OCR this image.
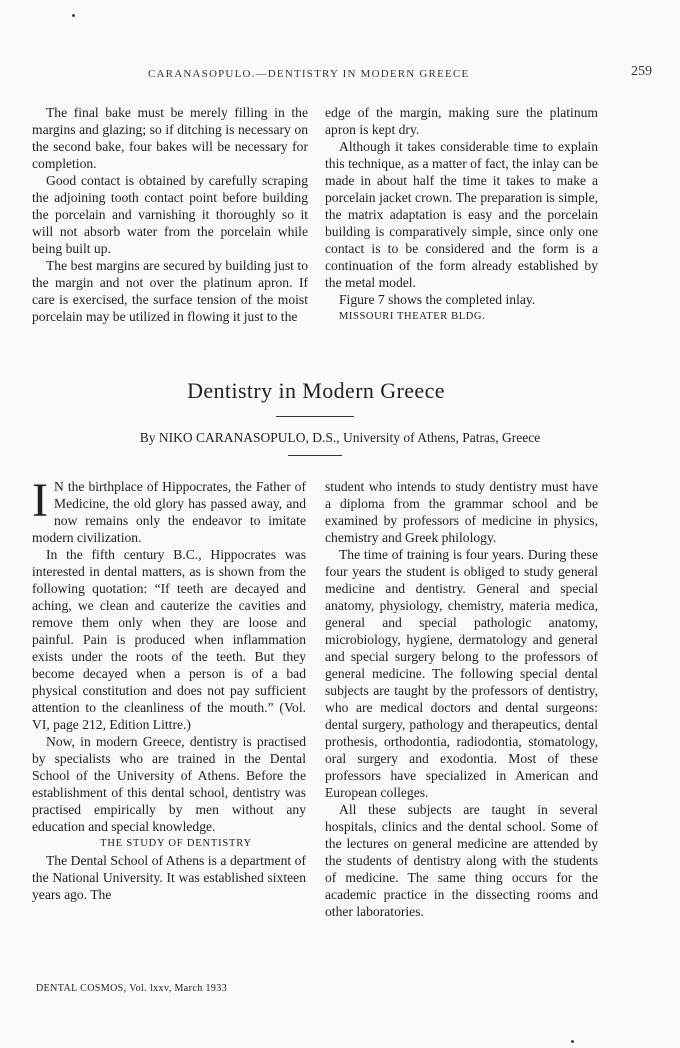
CARANASOPULO.—DENTISTRY IN MODERN GREECE	259

The final bake must be merely filling in the margins and glazing; so if ditching is necessary on the second bake, four bakes will be necessary for completion.

Good contact is obtained by carefully scraping the adjoining tooth contact point before building the porcelain and varnishing it thoroughly so it will not absorb water from the porcelain while being built up.

The best margins are secured by building just to the margin and not over the platinum apron. If care is exercised, the surface tension of the moist porcelain may be utilized in flowing it just to the

edge of the margin, making sure the platinum apron is kept dry.

Although it takes considerable time to explain this technique, as a matter of fact, the inlay can be made in about half the time it takes to make a porcelain jacket crown. The preparation is simple, the matrix adaptation is easy and the porcelain building is comparatively simple, since only one contact is to be considered and the form is a continuation of the form already established by the metal model.

Figure 7 shows the completed inlay.

MISSOURI THEATER BLDG.

Dentistry in Modern Greece
By NIKO CARANASOPULO, D.S., University of Athens, Patras, Greece

I N the birthplace of Hippocrates, the Father of Medicine, the old glory has passed away, and now remains only the endeavor to imitate modern civilization.

In the fifth century B.C., Hippocrates was interested in dental matters, as is shown from the following quotation: “If teeth are decayed and aching, we clean and cauterize the cavities and remove them only when they are loose and painful. Pain is produced when inflammation exists under the roots of the teeth. But they become decayed when a person is of a bad physical constitution and does not pay sufficient attention to the cleanliness of the mouth.” (Vol. VI, page 212, Edition Littre.)

Now, in modern Greece, dentistry is practised by specialists who are trained in the Dental School of the University of Athens. Before the establishment of this dental school, dentistry was practised empirically by men without any education and special knowledge.

THE STUDY OF DENTISTRY

The Dental School of Athens is a department of the National University. It was established sixteen years ago. The

student who intends to study dentistry must have a diploma from the grammar school and be examined by professors of medicine in physics, chemistry and Greek philology.

The time of training is four years. During these four years the student is obliged to study general medicine and dentistry. General and special anatomy, physiology, chemistry, materia medica, general and special pathologic anatomy, microbiology, hygiene, dermatology and general and special surgery belong to the professors of general medicine. The following special dental subjects are taught by the professors of dentistry, who are medical doctors and dental surgeons: dental surgery, pathology and therapeutics, dental prothesis, orthodontia, radiodontia, stomatology, oral surgery and exodontia. Most of these professors have specialized in American and European colleges.

All these subjects are taught in several hospitals, clinics and the dental school. Some of the lectures on general medicine are attended by the students of dentistry along with the students of medicine. The same thing occurs for the academic practice in the dissecting rooms and other laboratories.

DENTAL COSMOS, Vol. lxxv, March 1933
